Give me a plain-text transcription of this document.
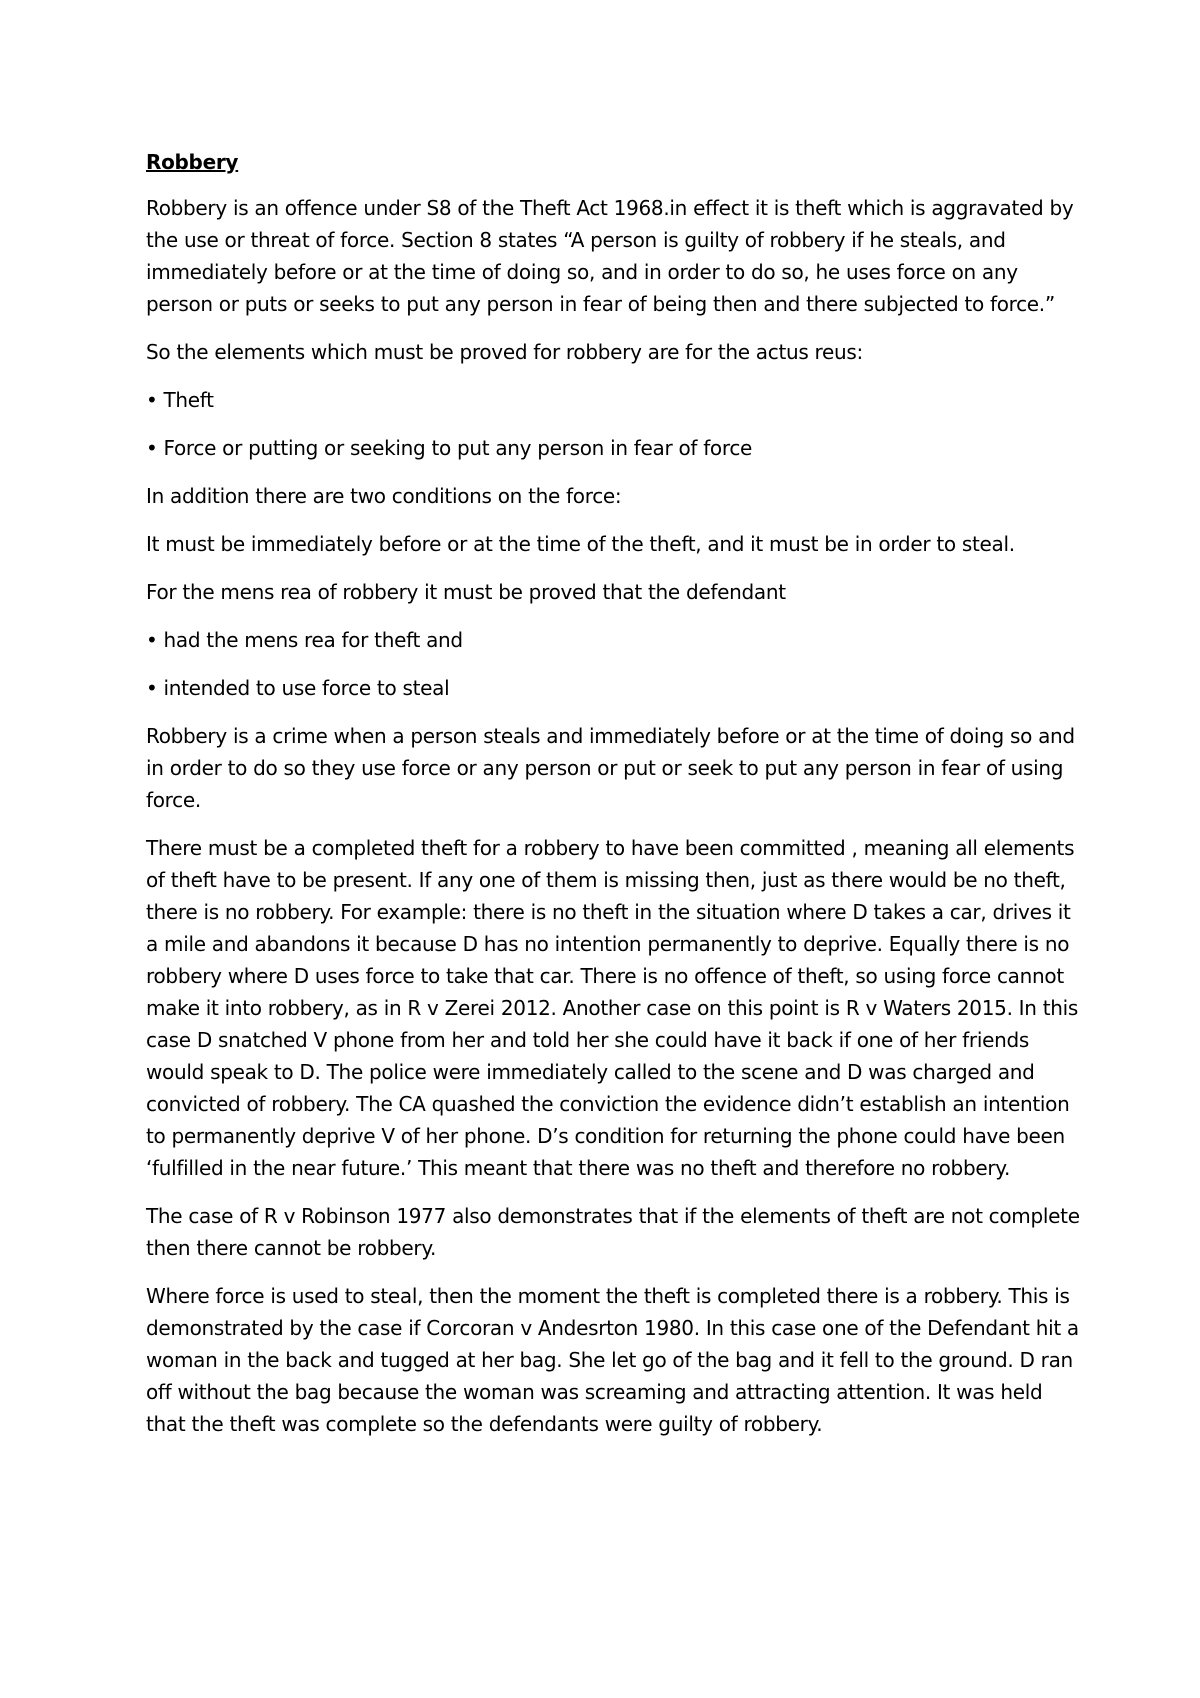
Robbery

Robbery is an offence under S8 of the Theft Act 1968.in effect it is theft which is aggravated by the use or threat of force. Section 8 states “A person is guilty of robbery if he steals, and immediately before or at the time of doing so, and in order to do so, he uses force on any person or puts or seeks to put any person in fear of being then and there subjected to force.”

So the elements which must be proved for robbery are for the actus reus:

• Theft
• Force or putting or seeking to put any person in fear of force

In addition there are two conditions on the force:

It must be immediately before or at the time of the theft, and it must be in order to steal.

For the mens rea of robbery it must be proved that the defendant

• had the mens rea for theft and
• intended to use force to steal

Robbery is a crime when a person steals and immediately before or at the time of doing so and in order to do so they use force or any person or put or seek to put any person in fear of using force.

There must be a completed theft for a robbery to have been committed , meaning all elements of theft have to be present. If any one of them is missing then, just as there would be no theft, there is no robbery. For example: there is no theft in the situation where D takes a car, drives it a mile and abandons it because D has no intention permanently to deprive. Equally there is no robbery where D uses force to take that car. There is no offence of theft, so using force cannot make it into robbery, as in R v Zerei 2012. Another case on this point is R v Waters 2015. In this case D snatched V phone from her and told her she could have it back if one of her friends would speak to D. The police were immediately called to the scene and D was charged and convicted of robbery. The CA quashed the conviction the evidence didn’t establish an intention to permanently deprive V of her phone. D’s condition for returning the phone could have been ‘fulfilled in the near future.’ This meant that there was no theft and therefore no robbery.

The case of R v Robinson 1977 also demonstrates that if the elements of theft are not complete then there cannot be robbery.

Where force is used to steal, then the moment the theft is completed there is a robbery. This is demonstrated by the case if Corcoran v Andesrton 1980. In this case one of the Defendant hit a woman in the back and tugged at her bag. She let go of the bag and it fell to the ground. D ran off without the bag because the woman was screaming and attracting attention. It was held that the theft was complete so the defendants were guilty of robbery.
